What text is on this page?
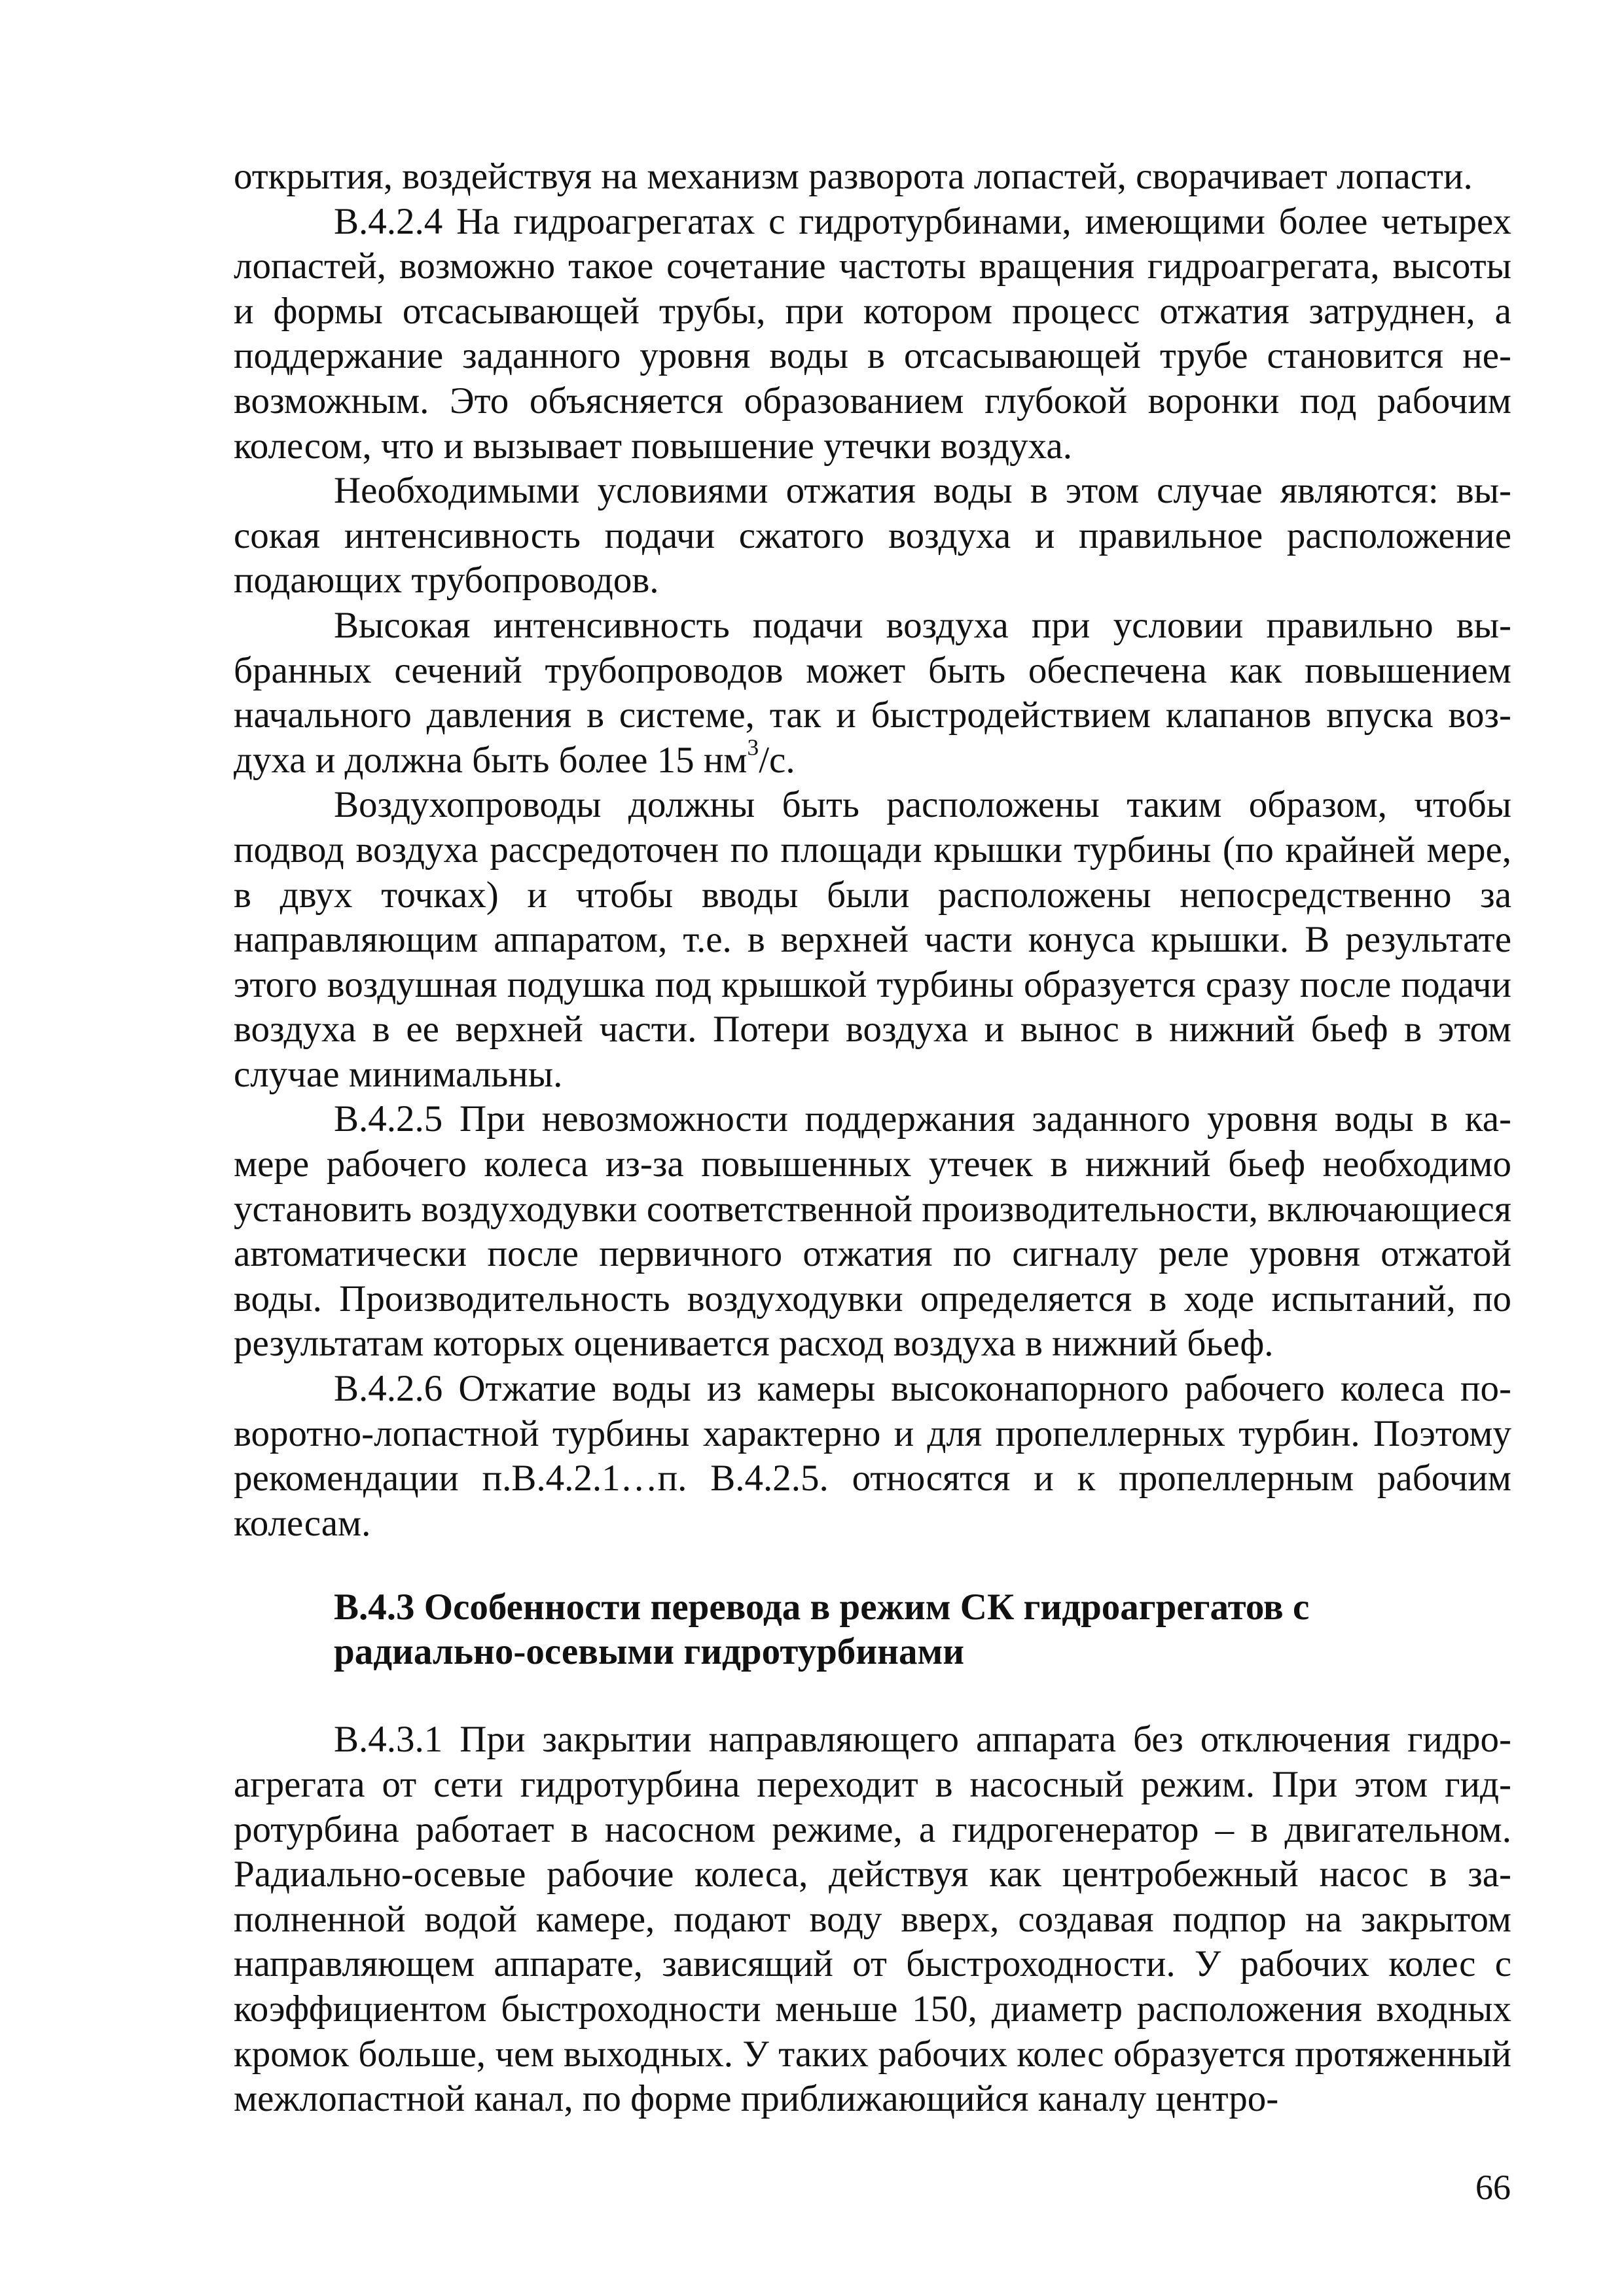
открытия, воздействуя на механизм разворота лопастей, сворачивает лопасти.

В.4.2.4 На гидроагрегатах с гидротурбинами, имеющими более четырех лопастей, возможно такое сочетание частоты вращения гидроагрегата, высоты и формы отсасывающей трубы, при котором процесс отжатия затруднен, а поддержание заданного уровня воды в отсасывающей трубе становится невозможным. Это объясняется образованием глубокой воронки под рабочим колесом, что и вызывает повышение утечки воздуха.

Необходимыми условиями отжатия воды в этом случае являются: высокая интенсивность подачи сжатого воздуха и правильное расположение подающих трубопроводов.

Высокая интенсивность подачи воздуха при условии правильно выбранных сечений трубопроводов может быть обеспечена как повышением начального давления в системе, так и быстродействием клапанов впуска воздуха и должна быть более 15 $нм^3/с$.

Воздухопроводы должны быть расположены таким образом, чтобы подвод воздуха рассредоточен по площади крышки турбины (по крайней мере, в двух точках) и чтобы вводы были расположены непосредственно за направляющим аппаратом, т.е. в верхней части конуса крышки. В результате этого воздушная подушка под крышкой турбины образуется сразу после подачи воздуха в ее верхней части. Потери воздуха и вынос в нижний бьеф в этом случае минимальны.

В.4.2.5 При невозможности поддержания заданного уровня воды в камере рабочего колеса из-за повышенных утечек в нижний бьеф необходимо установить воздуходувки соответственной производительности, включающиеся автоматически после первичного отжатия по сигналу реле уровня отжатой воды. Производительность воздуходувки определяется в ходе испытаний, по результатам которых оценивается расход воздуха в нижний бьеф.

В.4.2.6 Отжатие воды из камеры высоконапорного рабочего колеса поворотно-лопастной турбины характерно и для пропеллерных турбин. Поэтому рекомендации п.В.4.2.1…п. В.4.2.5. относятся и к пропеллерным рабочим колесам.

В.4.3 Особенности перевода в режим СК гидроагрегатов с
радиально-осевыми гидротурбинами

В.4.3.1 При закрытии направляющего аппарата без отключения гидроагрегата от сети гидротурбина переходит в насосный режим. При этом гидротурбина работает в насосном режиме, а гидрогенератор – в двигательном. Радиально-осевые рабочие колеса, действуя как центробежный насос в заполненной водой камере, подают воду вверх, создавая подпор на закрытом направляющем аппарате, зависящий от быстроходности. У рабочих колес с коэффициентом быстроходности меньше 150, диаметр расположения входных кромок больше, чем выходных. У таких рабочих колес образуется протяженный межлопастной канал, по форме приближающийся каналу центро-

66
